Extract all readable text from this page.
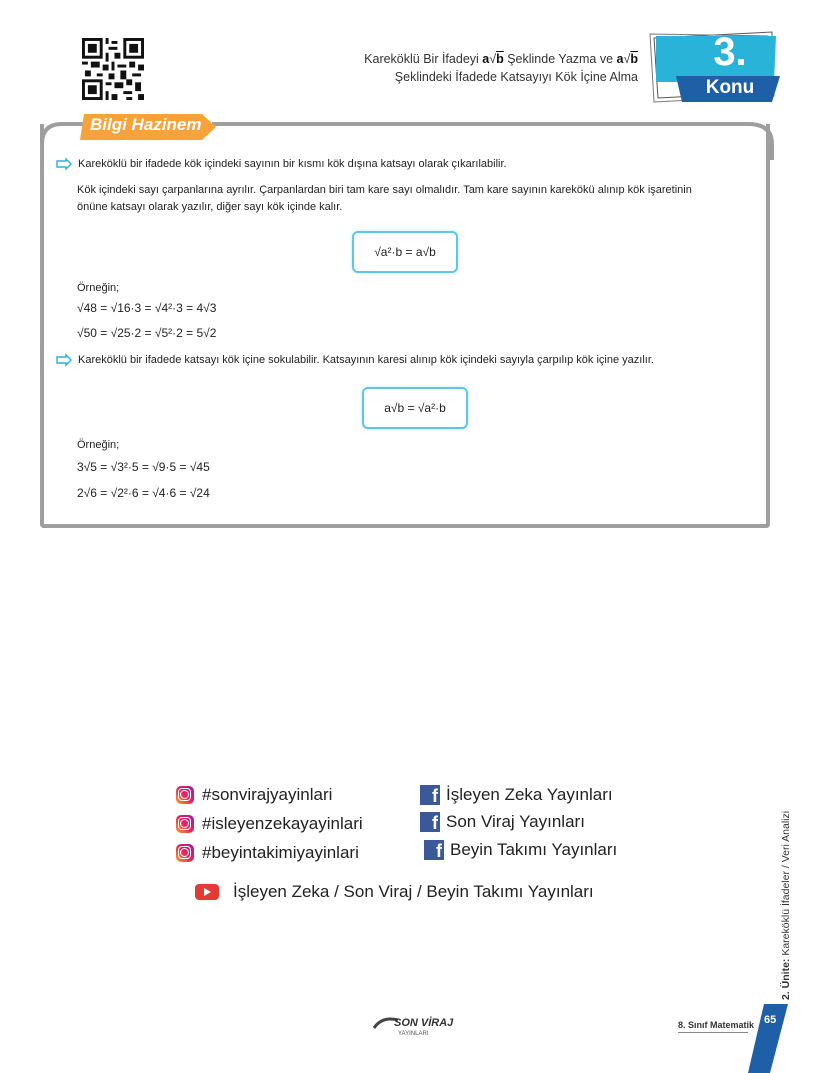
Kareköklü Bir İfadeyi a√b Şeklinde Yazma ve a√b
Şeklindeki İfadede Katsayıyı Kök İçine Alma
3.
Konu
Bilgi Hazinem
Kareköklü bir ifadede kök içindeki sayının bir kısmı kök dışına katsayı olarak çıkarılabilir.
Kök içindeki sayı çarpanlarına ayrılır. Çarpanlardan biri tam kare sayı olmalıdır. Tam kare sayının karekökü alınıp kök işaretinin
önüne katsayı olarak yazılır, diğer sayı kök içinde kalır.
√a²·b = a√b
Örneğin;
√48 = √16·3 = √4²·3 = 4√3
√50 = √25·2 = √5²·2 = 5√2
Kareköklü bir ifadede katsayı kök içine sokulabilir. Katsayının karesi alınıp kök içindeki sayıyla çarpılıp kök içine yazılır.
a√b = √a²·b
Örneğin;
3√5 = √3²·5 = √9·5 = √45
2√6 = √2²·6 = √4·6 = √24
#sonvirajyayinlari
#isleyenzekayayinlari
#beyintakimiyayinlari
f İşleyen Zeka Yayınları
f Son Viraj Yayınları
f Beyin Takımı Yayınları
İşleyen Zeka / Son Viraj / Beyin Takımı Yayınları
2. Ünite: Kareköklü İfadeler / Veri Analizi
SON VİRAJ
YAYINLARI
8. Sınıf Matematik 65
